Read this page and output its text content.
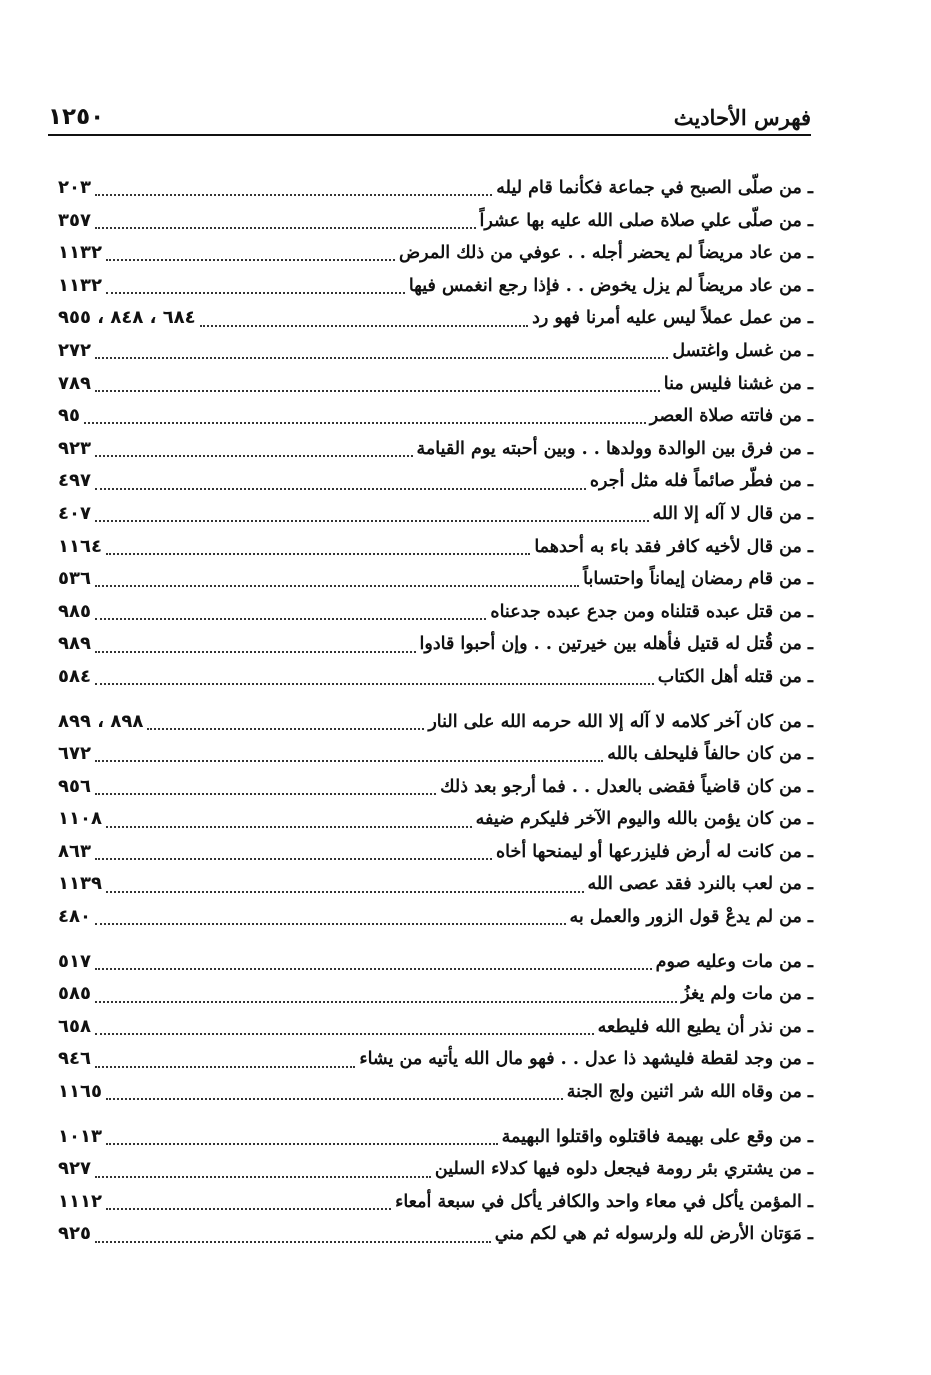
فهرس الأحاديث
١٢٥٠
ـ
من صلّى الصبح في جماعة فكأنما قام ليله
٢٠٣
ـ
من صلّى علي صلاة صلى الله عليه بها عشراً
٣٥٧
ـ
من عاد مريضاً لم يحضر أجله . . عوفي من ذلك المرض
١١٣٢
ـ
من عاد مريضاً لم يزل يخوض . . فإذا رجع انغمس فيها
١١٣٢
ـ
من عمل عملاً ليس عليه أمرنا فهو رد
٦٨٤ ، ٨٤٨ ، ٩٥٥
ـ
من غسل واغتسل
٢٧٢
ـ
من غشنا فليس منا
٧٨٩
ـ
من فاتته صلاة العصر
٩٥
ـ
من فرق بين الوالدة وولدها . . وبين أحبته يوم القيامة
٩٢٣
ـ
من فطّر صائماً فله مثل أجره
٤٩٧
ـ
من قال لا آله إلا الله
٤٠٧
ـ
من قال لأخيه كافر فقد باء به أحدهما
١١٦٤
ـ
من قام رمضان إيماناً واحتساباً
٥٣٦
ـ
من قتل عبده قتلناه ومن جدع عبده جدعناه
٩٨٥
ـ
من قُتل له قتيل فأهله بين خيرتين . . وإن أحبوا قادوا
٩٨٩
ـ
من قتله أهل الكتاب
٥٨٤
ـ
من كان آخر كلامه لا آله إلا الله حرمه الله على النار
٨٩٨ ، ٨٩٩
ـ
من كان حالفاً فليحلف بالله
٦٧٢
ـ
من كان قاضياً فقضى بالعدل . . فما أرجو بعد ذلك
٩٥٦
ـ
من كان يؤمن بالله واليوم الآخر فليكرم ضيفه
١١٠٨
ـ
من كانت له أرض فليزرعها أو ليمنحها أخاه
٨٦٣
ـ
من لعب بالنرد فقد عصى الله
١١٣٩
ـ
من لم يدعْ قول الزور والعمل به
٤٨٠
ـ
من مات وعليه صوم
٥١٧
ـ
من مات ولم يغزُ
٥٨٥
ـ
من نذر أن يطيع الله فليطعه
٦٥٨
ـ
من وجد لقطة فليشهد ذا عدل . . فهو مال الله يأتيه من يشاء
٩٤٦
ـ
من وقاه الله شر اثنين ولج الجنة
١١٦٥
ـ
من وقع على بهيمة فاقتلوه واقتلوا البهيمة
١٠١٣
ـ
من يشتري بئر رومة فيجعل دلوه فيها كدلاء السلين
٩٢٧
ـ
المؤمن يأكل في معاء واحد والكافر يأكل في سبعة أمعاء
١١١٢
ـ
مَوَتان الأرض لله ولرسوله ثم هي لكم مني
٩٢٥
